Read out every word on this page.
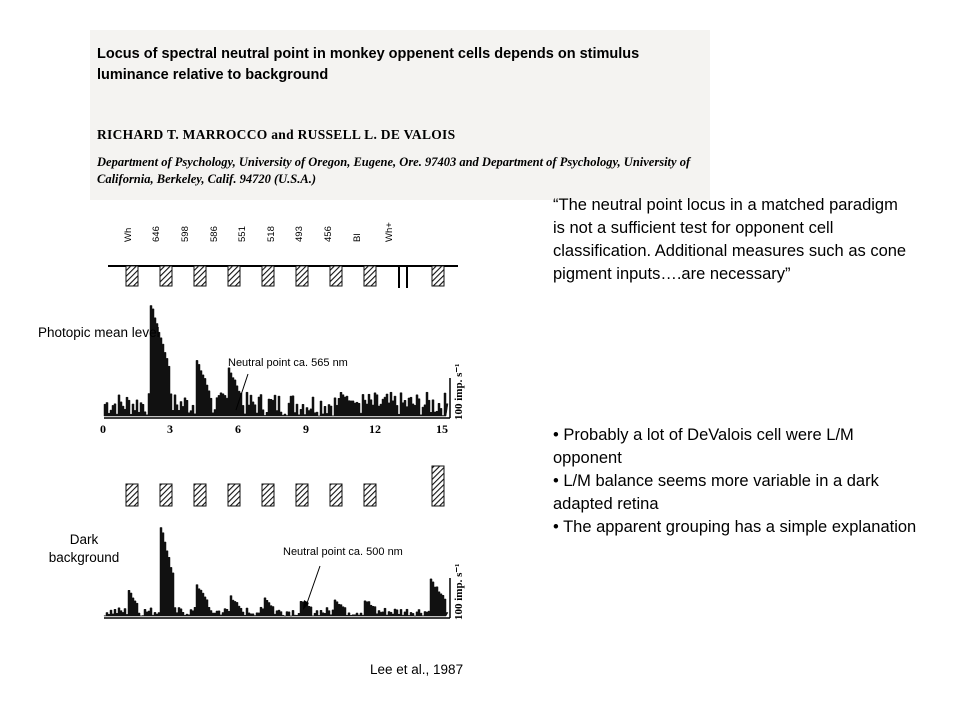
Locus of spectral neutral point in monkey oppenent cells depends on stimulus luminance relative to background
RICHARD T. MARROCCO and RUSSELL L. DE VALOIS
Department of Psychology, University of Oregon, Eugene, Ore. 97403 and Department of Psychology, University of California, Berkeley, Calif. 94720 (U.S.A.)
Wh 646 598 586 551 518 493 456 Bl Wh+
100 imp. s⁻¹
0	3	6	9	12	15
100 imp. s⁻¹
Photopic mean level
Dark background
Neutral point ca. 565 nm
Neutral point ca. 500 nm
“The neutral point locus in a matched paradigm is not a sufficient test for opponent cell classification. Additional measures such as cone pigment inputs….are necessary”
• Probably a lot of DeValois cell were L/M opponent
• L/M balance seems more variable in a dark adapted retina
• The apparent grouping has a simple explanation
Lee et al., 1987
